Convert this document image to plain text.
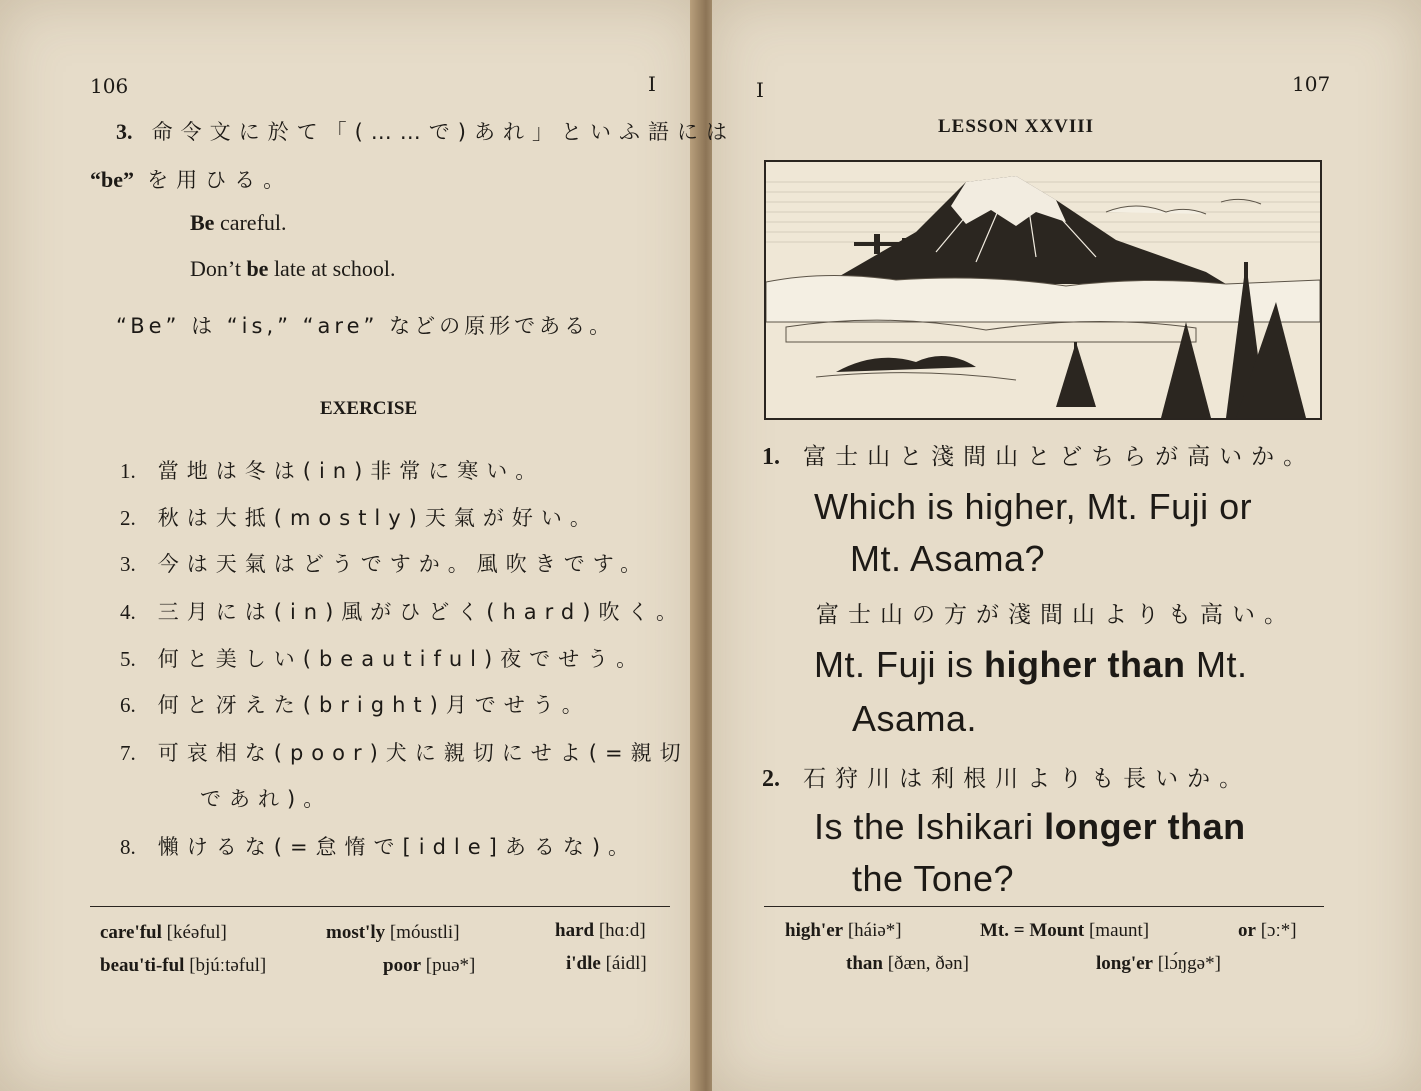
106	I
3. 命令文に於て「(……で)あれ」といふ語には
“be” を用ひる。
Be careful.
Don’t be late at school.
“Be” は “is,” “are” などの原形である。
EXERCISE
1. 當地は冬は(in)非常に寒い。
2. 秋は大抵(mostly)天氣が好い。
3. 今は天氣はどうですか。風吹きです。
4. 三月には(in)風がひどく(hard)吹く。
5. 何と美しい(beautiful)夜でせう。
6. 何と冴えた(bright)月でせう。
7. 可哀相な(poor)犬に親切にせよ(=親切
であれ)。
8. 懶けるな(=怠惰で[idle]あるな)。
care'ful [kéəful]	most'ly [móustli]	hard [hɑːd]
beau'ti-ful [bjúːtəful]	poor [puə*]	i'dle [áidl]
I	107
LESSON XXVIII
1. 富士山と淺間山とどちらが高いか。
Which is higher, Mt. Fuji or
Mt. Asama?
富士山の方が淺間山よりも高い。
Mt. Fuji is higher than Mt.
Asama.
2. 石狩川は利根川よりも長いか。
Is the Ishikari longer than
the Tone?
high'er [háiə*]	Mt. = Mount [maunt]	or [ɔː*]
than [ðæn, ðən]	long'er [lɔ́ŋgə*]
